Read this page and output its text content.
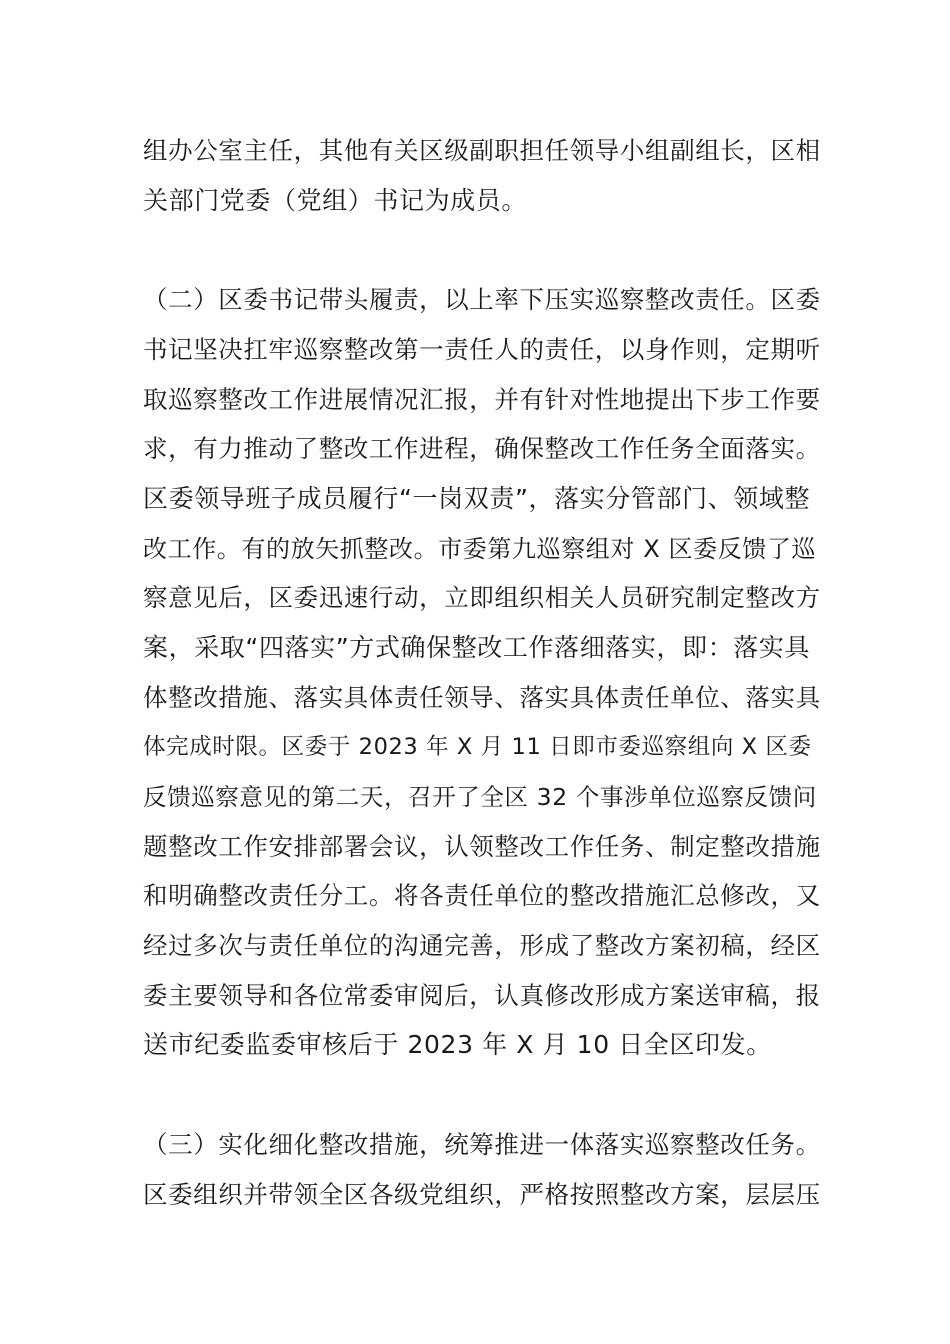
组办公室主任，其他有关区级副职担任领导小组副组长，区相
关部门党委（党组）书记为成员。
（二）区委书记带头履责，以上率下压实巡察整改责任。区委
书记坚决扛牢巡察整改第一责任人的责任，以身作则，定期听
取巡察整改工作进展情况汇报，并有针对性地提出下步工作要
求，有力推动了整改工作进程，确保整改工作任务全面落实。
区委领导班子成员履行“一岗双责”，落实分管部门、领域整
改工作。有的放矢抓整改。市委第九巡察组对 X 区委反馈了巡
察意见后，区委迅速行动，立即组织相关人员研究制定整改方
案，采取“四落实”方式确保整改工作落细落实，即：落实具
体整改措施、落实具体责任领导、落实具体责任单位、落实具
体完成时限。区委于 2023 年 X 月 11 日即市委巡察组向 X 区委
反馈巡察意见的第二天，召开了全区 32 个事涉单位巡察反馈问
题整改工作安排部署会议，认领整改工作任务、制定整改措施
和明确整改责任分工。将各责任单位的整改措施汇总修改，又
经过多次与责任单位的沟通完善，形成了整改方案初稿，经区
委主要领导和各位常委审阅后，认真修改形成方案送审稿，报
送市纪委监委审核后于 2023 年 X 月 10 日全区印发。
（三）实化细化整改措施，统筹推进一体落实巡察整改任务。
区委组织并带领全区各级党组织，严格按照整改方案，层层压
